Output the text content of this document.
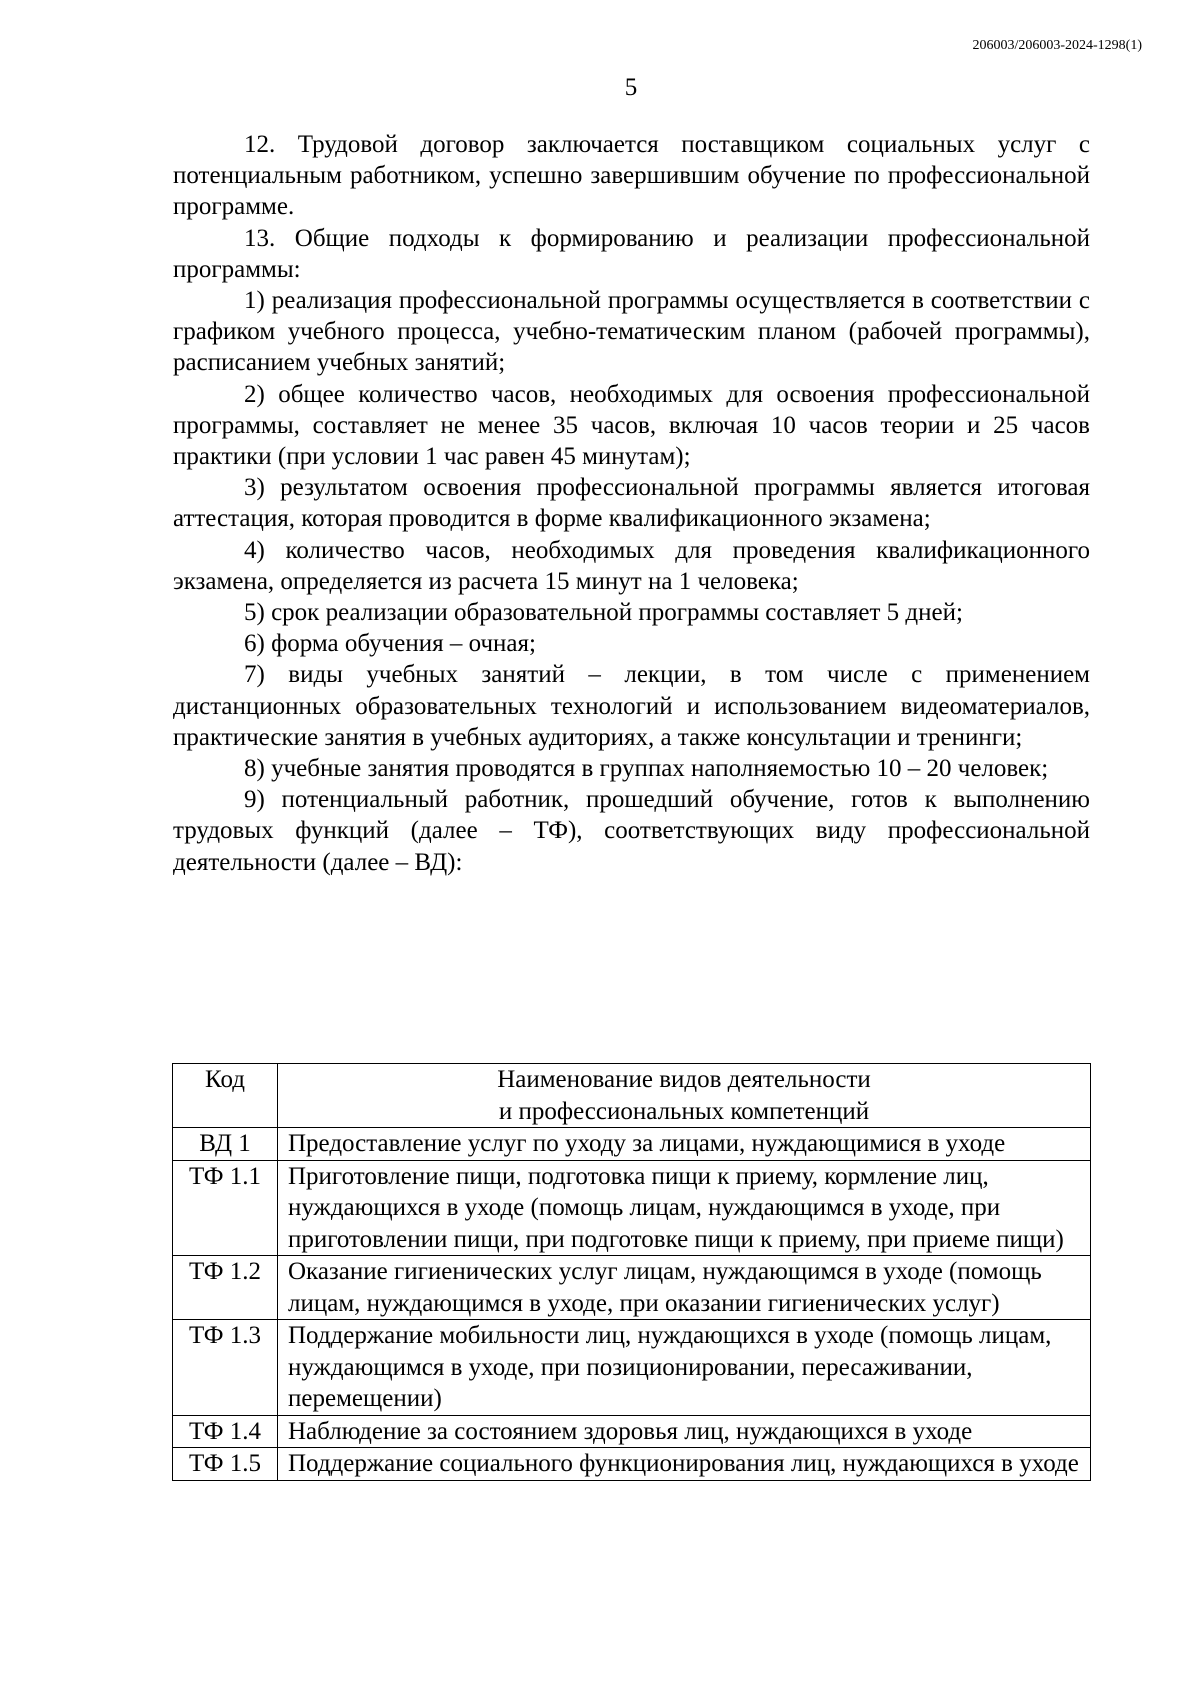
206003/206003-2024-1298(1)
5

12. Трудовой договор заключается поставщиком социальных услуг с потенциальным работником, успешно завершившим обучение по профессиональной программе.

13. Общие подходы к формированию и реализации профессиональной программы:

1) реализация профессиональной программы осуществляется в соответствии с графиком учебного процесса, учебно-тематическим планом (рабочей программы), расписанием учебных занятий;

2) общее количество часов, необходимых для освоения профессиональной программы, составляет не менее 35 часов, включая 10 часов теории и 25 часов практики (при условии 1 час равен 45 минутам);

3) результатом освоения профессиональной программы является итоговая аттестация, которая проводится в форме квалификационного экзамена;

4) количество часов, необходимых для проведения квалификационного экзамена, определяется из расчета 15 минут на 1 человека;

5) срок реализации образовательной программы составляет 5 дней;

6) форма обучения – очная;

7) виды учебных занятий – лекции, в том числе с применением дистанционных образовательных технологий и использованием видеоматериалов, практические занятия в учебных аудиториях, а также консультации и тренинги;

8) учебные занятия проводятся в группах наполняемостью 10 – 20 человек;

9) потенциальный работник, прошедший обучение, готов к выполнению трудовых функций (далее – ТФ), соответствующих виду профессиональной деятельности (далее – ВД):

Код	Наименование видов деятельности
и профессиональных компетенций
ВД 1	Предоставление услуг по уходу за лицами, нуждающимися в уходе
ТФ 1.1	Приготовление пищи, подготовка пищи к приему, кормление лиц, нуждающихся в уходе (помощь лицам, нуждающимся в уходе, при приготовлении пищи, при подготовке пищи к приему, при приеме пищи)
ТФ 1.2	Оказание гигиенических услуг лицам, нуждающимся в уходе (помощь лицам, нуждающимся в уходе, при оказании гигиенических услуг)
ТФ 1.3	Поддержание мобильности лиц, нуждающихся в уходе (помощь лицам, нуждающимся в уходе, при позиционировании, пересаживании, перемещении)
ТФ 1.4	Наблюдение за состоянием здоровья лиц, нуждающихся в уходе
ТФ 1.5	Поддержание социального функционирования лиц, нуждающихся в уходе
